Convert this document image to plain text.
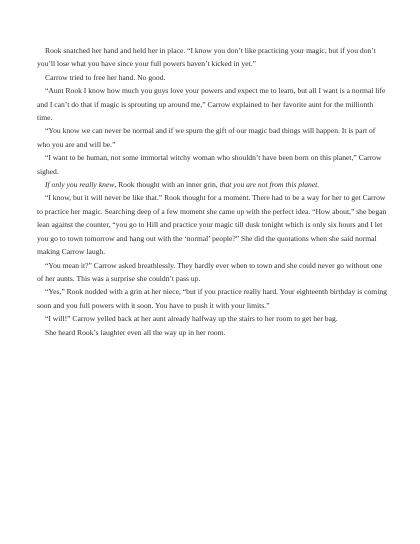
Rook snatched her hand and held her in place. “I know you don’t like practicing your magic, but if you don’t you’ll lose what you have since your full powers haven’t kicked in yet.”

Carrow tried to free her hand. No good.

“Aunt Rook I know how much you guys love your powers and expect me to learn, but all I want is a normal life and I can’t do that if magic is sprouting up around me,” Carrow explained to her favorite aunt for the millionth time.

“You know we can never be normal and if we spurn the gift of our magic bad things will happen. It is part of who you are and will be.”

“I want to be human, not some immortal witchy woman who shouldn’t have been born on this planet,” Carrow sighed.

If only you really knew, Rook thought with an inner grin, that you are not from this planet.

“I know, but it will never be like that.” Rook thought for a moment. There had to be a way for her to get Carrow to practice her magic. Searching deep of a few moment she came up with the perfect idea. “How about,” she began lean against the counter, “you go to Hill and practice your magic till dusk tonight which is only six hours and I let you go to town tomorrow and hang out with the ‘normal’ people?” She did the quotations when she said normal making Carrow laugh.

“You mean it?” Carrow asked breathlessly. They hardly ever when to town and she could never go without one of her aunts. This was a surprise she couldn’t pass up.

“Yes,” Rook nodded with a grin at her niece, “but if you practice really hard. Your eighteenth birthday is coming soon and you full powers with it soon. You have to push it with your limits.”

“I will!” Carrow yelled back at her aunt already halfway up the stairs to her room to get her bag.

She heard Rook’s laughter even all the way up in her room.
